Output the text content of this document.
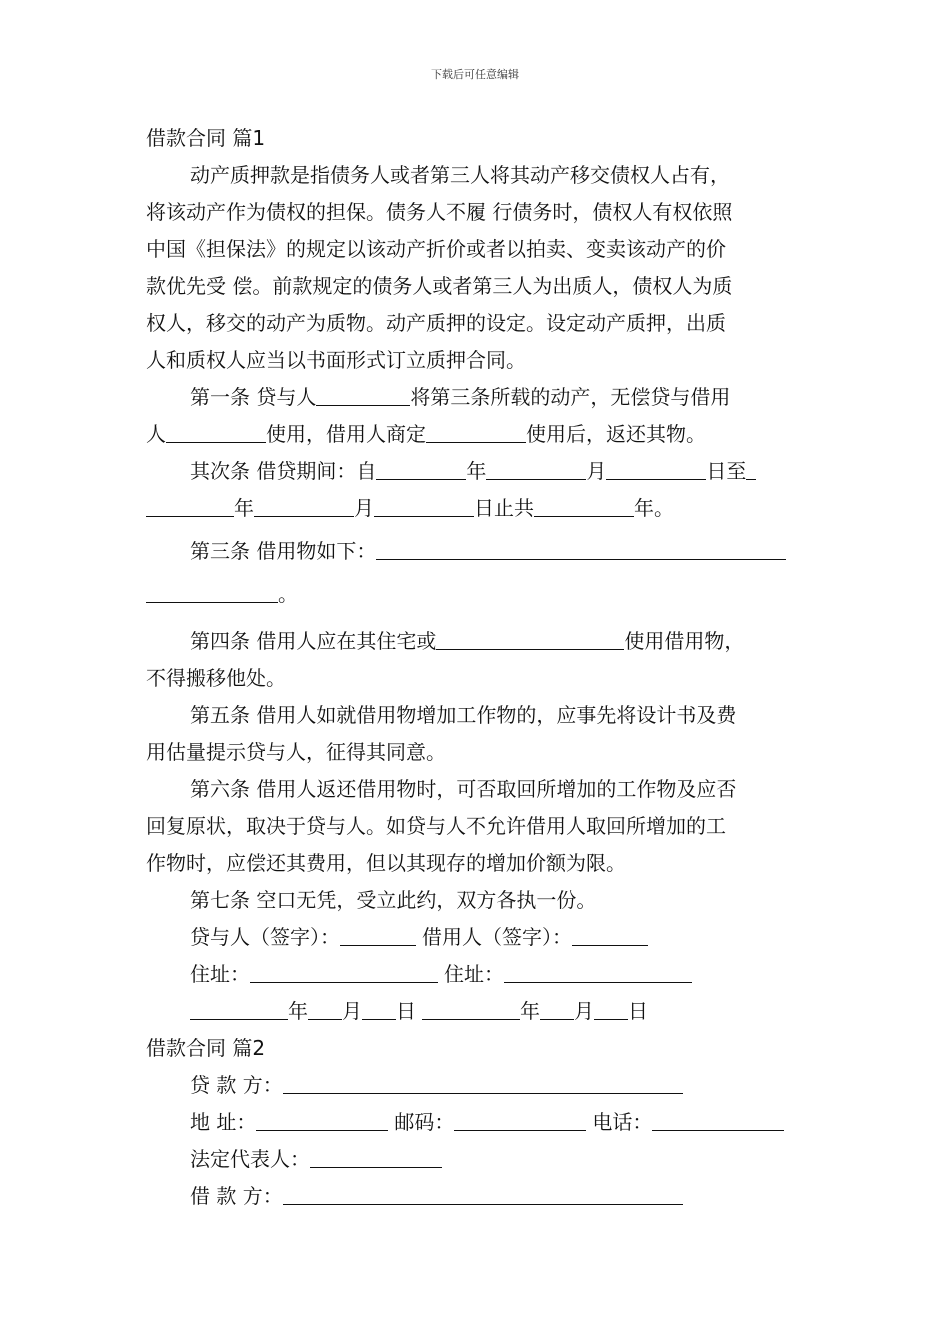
下载后可任意编辑
借款合同 篇1
动产质押款是指债务人或者第三人将其动产移交债权人占有，
将该动产作为债权的担保。债务人不履 行债务时，债权人有权依照
中国《担保法》的规定以该动产折价或者以拍卖、变卖该动产的价
款优先受 偿。前款规定的债务人或者第三人为出质人，债权人为质
权人，移交的动产为质物。动产质押的设定。设定动产质押，出质
人和质权人应当以书面形式订立质押合同。
第一条 贷与人	将第三条所载的动产，无偿贷与借用
人	使用，借用人商定	使用后，返还其物。
其次条 借贷期间：自	年	月	日至
年	月	日止共	年。
第三条 借用物如下：
。
第四条 借用人应在其住宅或	使用借用物，
不得搬移他处。
第五条 借用人如就借用物增加工作物的，应事先将设计书及费
用估量提示贷与人，征得其同意。
第六条 借用人返还借用物时，可否取回所增加的工作物及应否
回复原状，取决于贷与人。如贷与人不允许借用人取回所增加的工
作物时，应偿还其费用，但以其现存的增加价额为限。
第七条 空口无凭，受立此约，双方各执一份。
贷与人（签字）：	借用人（签字）：
住址：	住址：
年 月 日	年 月 日
借款合同 篇2
贷 款 方：
地 址：	邮码：	电话：
法定代表人：
借 款 方：
